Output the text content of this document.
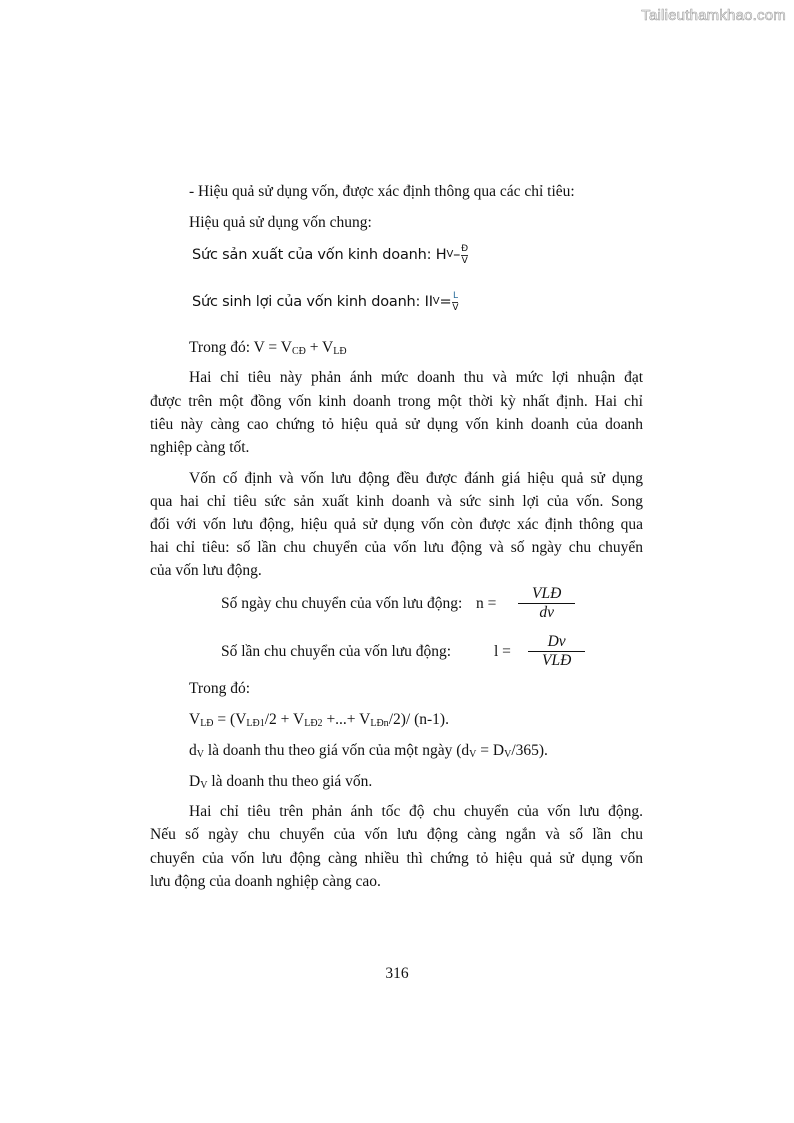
Tailieuthamkhao.com
- Hiệu quả sử dụng vốn, được xác định thông qua các chỉ tiêu:
Hiệu quả sử dụng vốn chung:
Sức sản xuất của vốn kinh doanh: H V – $\frac{Đ}{V}$
Sức sinh lợi của vốn kinh doanh: II $V = \frac{L}{V}$
Trong đó: $V = V_{CĐ} + V_{LĐ}$
Hai chỉ tiêu này phản ánh mức doanh thu và mức lợi nhuận đạt
được trên một đồng vốn kinh doanh trong một thời kỳ nhất định. Hai chỉ
tiêu này càng cao chứng tỏ hiệu quả sử dụng vốn kinh doanh của doanh
nghiệp càng tốt.
Vốn cố định và vốn lưu động đều được đánh giá hiệu quả sử dụng
qua hai chỉ tiêu sức sản xuất kinh doanh và sức sinh lợi của vốn. Song
đối với vốn lưu động, hiệu quả sử dụng vốn còn được xác định thông qua
hai chỉ tiêu: số lần chu chuyển của vốn lưu động và số ngày chu chuyển
của vốn lưu động.
Số ngày chu chuyển của vốn lưu động: n =	$\frac{\text{VLĐ}}{dv}$
Số lần chu chuyển của vốn lưu động:	l =	$\frac{Dv}{\text{VLĐ}}$
Trong đó:
$V_{LĐ} = (V_{LĐ1}/2 + V_{LĐ2}$ +...+ $V_{LĐn}/2)/$ (n-1).
$d_V$ là doanh thu theo giá vốn của một ngày $(d_V = D_V/365)$.
$D_V$ là doanh thu theo giá vốn.
Hai chỉ tiêu trên phản ánh tốc độ chu chuyển của vốn lưu động.
Nếu số ngày chu chuyển của vốn lưu động càng ngắn và số lần chu
chuyển của vốn lưu động càng nhiều thì chứng tỏ hiệu quả sử dụng vốn
lưu động của doanh nghiệp càng cao.
316
